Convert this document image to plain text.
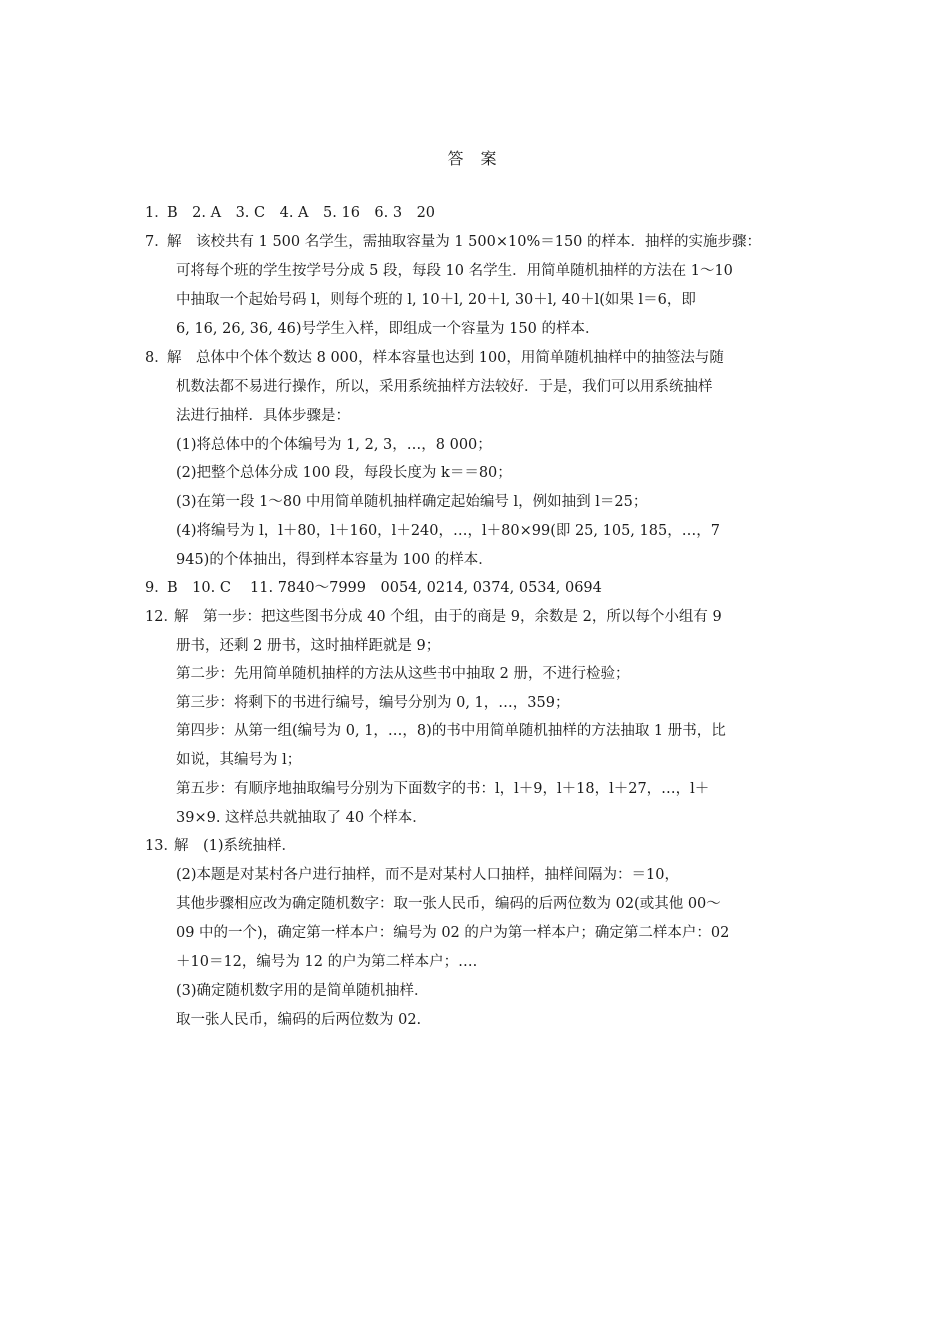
答 案
1．
B　2. A　3. C　4. A　5. 16　6. 3　20
7．
解　该校共有 1 500 名学生，需抽取容量为 1 500×10%＝150 的样本．抽样的实施步骤：
可将每个班的学生按学号分成 5 段，每段 10 名学生．用简单随机抽样的方法在 1～10
中抽取一个起始号码 l，则每个班的 l, 10＋l, 20＋l, 30＋l, 40＋l(如果 l＝6，即
6, 16, 26, 36, 46)号学生入样，即组成一个容量为 150 的样本．
8．
解　总体中个体个数达 8 000，样本容量也达到 100，用简单随机抽样中的抽签法与随
机数法都不易进行操作，所以，采用系统抽样方法较好．于是，我们可以用系统抽样
法进行抽样．具体步骤是：
(1)将总体中的个体编号为 1, 2, 3，…，8 000；
(2)把整个总体分成 100 段，每段长度为 k＝＝80；
(3)在第一段 1～80 中用简单随机抽样确定起始编号 l，例如抽到 l＝25；
(4)将编号为 l，l＋80，l＋160，l＋240，…，l＋80×99(即 25, 105, 185，…，7
945)的个体抽出，得到样本容量为 100 的样本．
9．
B　10. C　 11. 7840～7999　0054, 0214, 0374, 0534, 0694
12．
解　第一步：把这些图书分成 40 个组，由于的商是 9，余数是 2，所以每个小组有 9
册书，还剩 2 册书，这时抽样距就是 9；
第二步：先用简单随机抽样的方法从这些书中抽取 2 册，不进行检验；
第三步：将剩下的书进行编号，编号分别为 0, 1，…，359；
第四步：从第一组(编号为 0, 1，…，8)的书中用简单随机抽样的方法抽取 1 册书，比
如说，其编号为 l；
第五步：有顺序地抽取编号分别为下面数字的书：l，l＋9，l＋18，l＋27，…，l＋
39×9. 这样总共就抽取了 40 个样本．
13．
解　(1)系统抽样．
(2)本题是对某村各户进行抽样，而不是对某村人口抽样，抽样间隔为：＝10，
其他步骤相应改为确定随机数字：取一张人民币，编码的后两位数为 02(或其他 00～
09 中的一个)，确定第一样本户：编号为 02 的户为第一样本户；确定第二样本户：02
＋10＝12，编号为 12 的户为第二样本户；….
(3)确定随机数字用的是简单随机抽样．
取一张人民币，编码的后两位数为 02.
